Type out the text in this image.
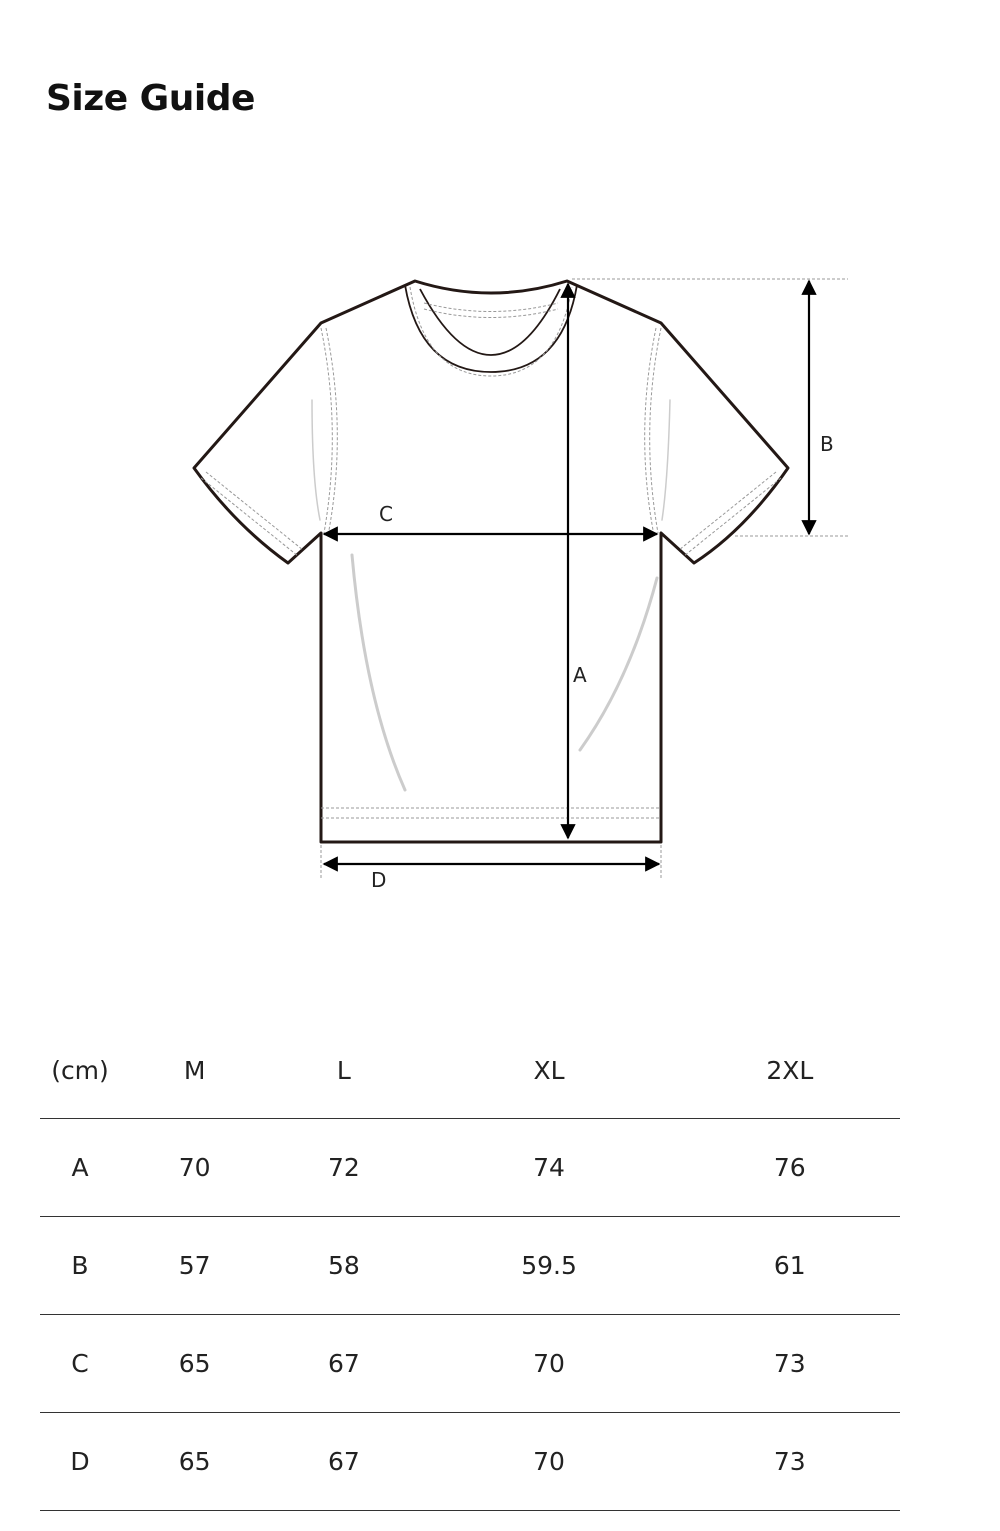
Size Guide
A
B
C
D
(cm)	M	L	XL	2XL
A	70	72	74	76
B	57	58	59.5	61
C	65	67	70	73
D	65	67	70	73
